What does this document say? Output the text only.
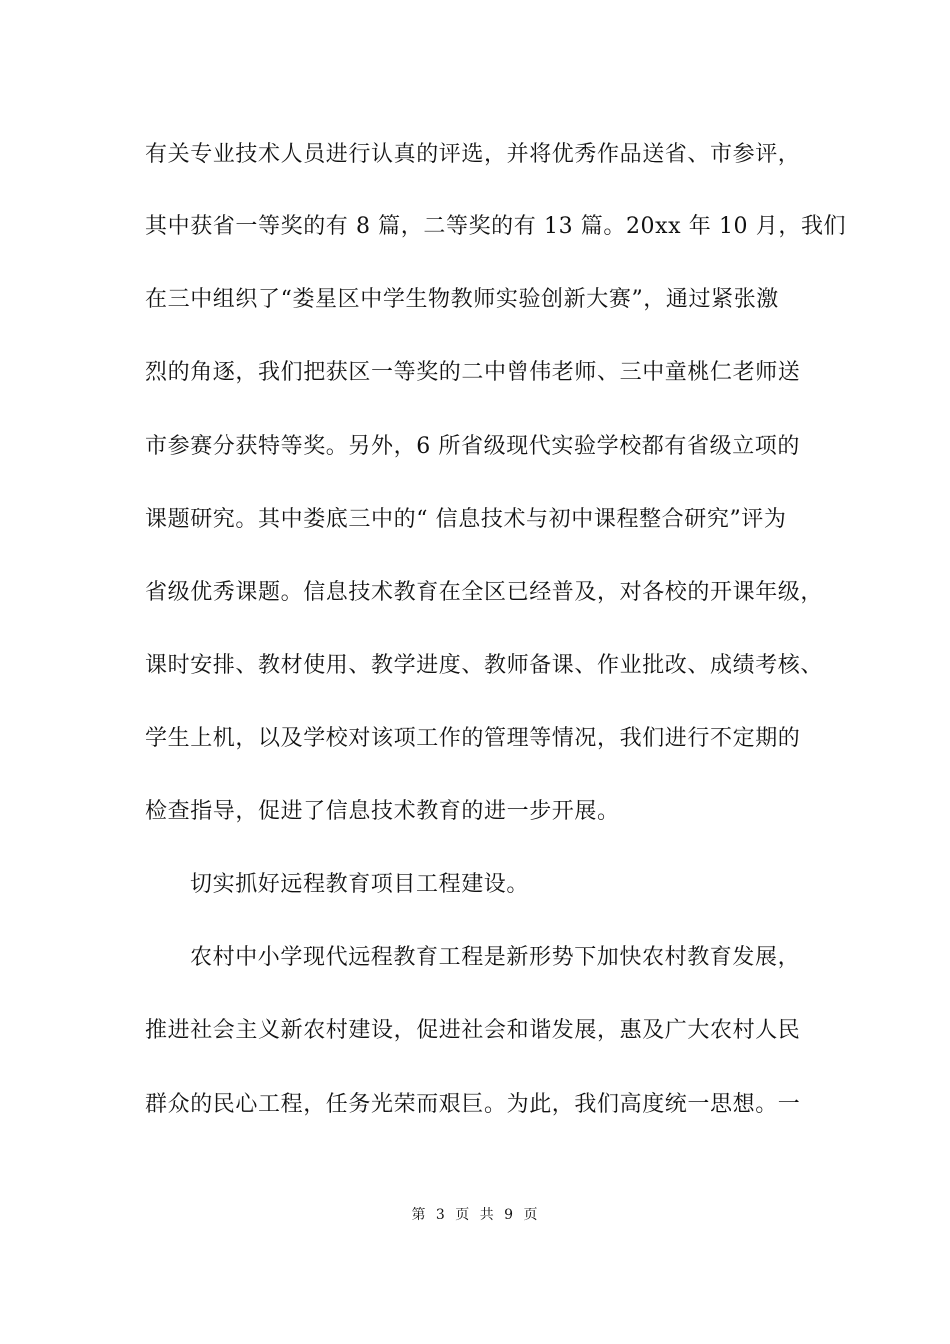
有关专业技术人员进行认真的评选，并将优秀作品送省、市参评，
其中获省一等奖的有 8 篇，二等奖的有 13 篇。20xx 年 10 月，我们
在三中组织了“娄星区中学生物教师实验创新大赛”，通过紧张激
烈的角逐，我们把获区一等奖的二中曾伟老师、三中童桃仁老师送
市参赛分获特等奖。另外，6 所省级现代实验学校都有省级立项的
课题研究。其中娄底三中的“ 信息技术与初中课程整合研究”评为
省级优秀课题。信息技术教育在全区已经普及，对各校的开课年级，
课时安排、教材使用、教学进度、教师备课、作业批改、成绩考核、
学生上机，以及学校对该项工作的管理等情况，我们进行不定期的
检查指导，促进了信息技术教育的进一步开展。
切实抓好远程教育项目工程建设。
农村中小学现代远程教育工程是新形势下加快农村教育发展，
推进社会主义新农村建设，促进社会和谐发展，惠及广大农村人民
群众的民心工程，任务光荣而艰巨。为此，我们高度统一思想。一
第 3 页 共 9 页
